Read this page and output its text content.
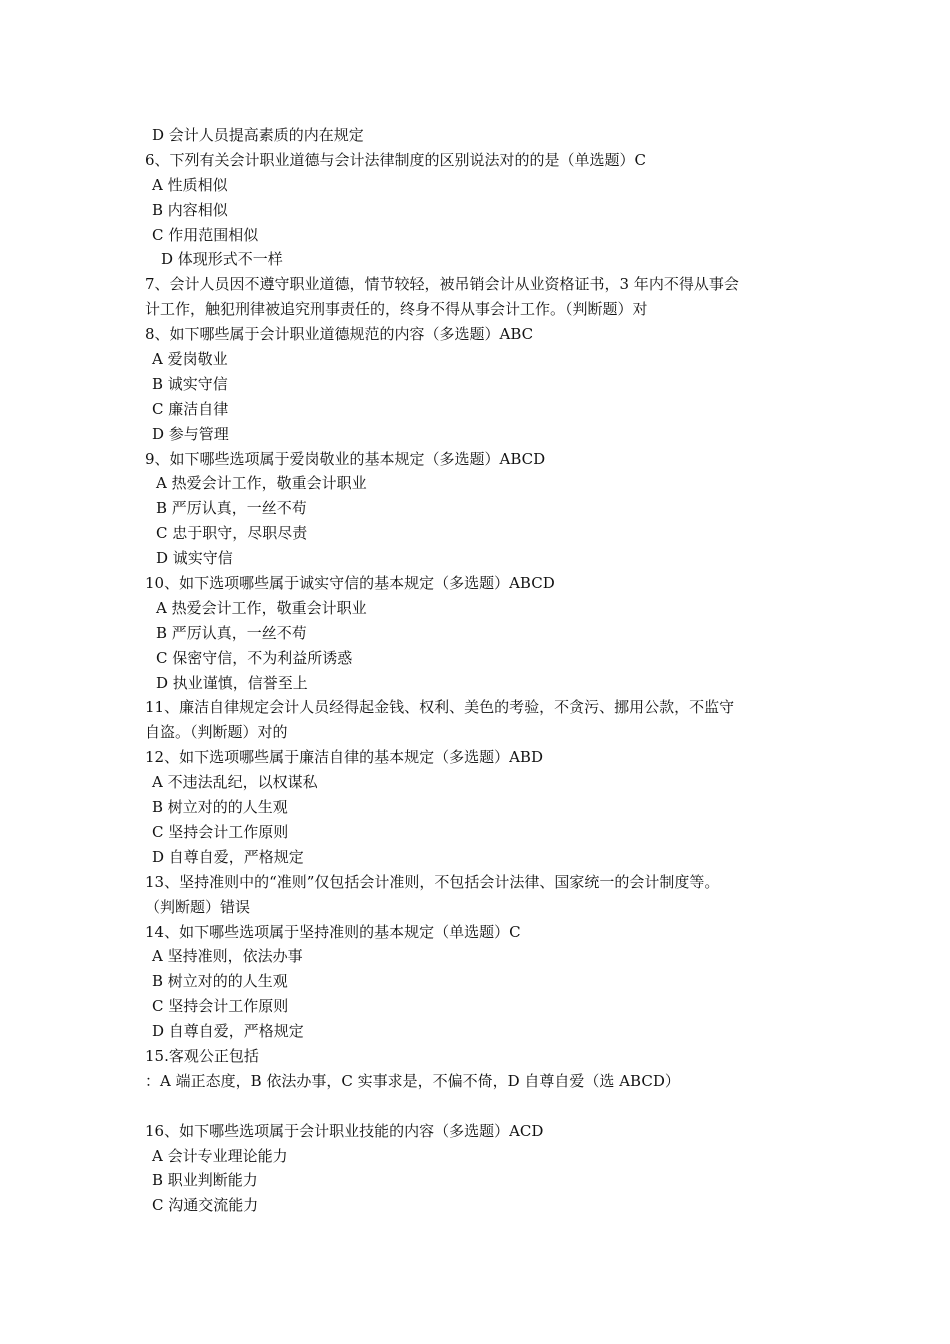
D 会计人员提高素质的内在规定
6、下列有关会计职业道德与会计法律制度的区别说法对的的是（单选题）C
A 性质相似
B 内容相似
C 作用范围相似
D 体现形式不一样
7、会计人员因不遵守职业道德，情节较轻，被吊销会计从业资格证书，3 年内不得从事会
计工作，触犯刑律被追究刑事责任的，终身不得从事会计工作。（判断题）对
8、如下哪些属于会计职业道德规范的内容（多选题）ABC
A 爱岗敬业
B 诚实守信
C 廉洁自律
D 参与管理
9、如下哪些选项属于爱岗敬业的基本规定（多选题）ABCD
A 热爱会计工作，敬重会计职业
B 严厉认真，一丝不苟
C 忠于职守，尽职尽责
D 诚实守信
10、如下选项哪些属于诚实守信的基本规定（多选题）ABCD
A 热爱会计工作，敬重会计职业
B 严厉认真，一丝不苟
C 保密守信，不为利益所诱惑
D 执业谨慎，信誉至上
11、廉洁自律规定会计人员经得起金钱、权利、美色的考验，不贪污、挪用公款，不监守
自盗。（判断题）对的
12、如下选项哪些属于廉洁自律的基本规定（多选题）ABD
A 不违法乱纪，以权谋私
B 树立对的的人生观
C 坚持会计工作原则
D 自尊自爱，严格规定
13、坚持准则中的“准则”仅包括会计准则，不包括会计法律、国家统一的会计制度等。
（判断题）错误
14、如下哪些选项属于坚持准则的基本规定（单选题）C
A 坚持准则，依法办事
B 树立对的的人生观
C 坚持会计工作原则
D 自尊自爱，严格规定
15.客观公正包括
：A 端正态度，B 依法办事，C 实事求是，不偏不倚，D 自尊自爱（选 ABCD）
16、如下哪些选项属于会计职业技能的内容（多选题）ACD
A 会计专业理论能力
B 职业判断能力
C 沟通交流能力
